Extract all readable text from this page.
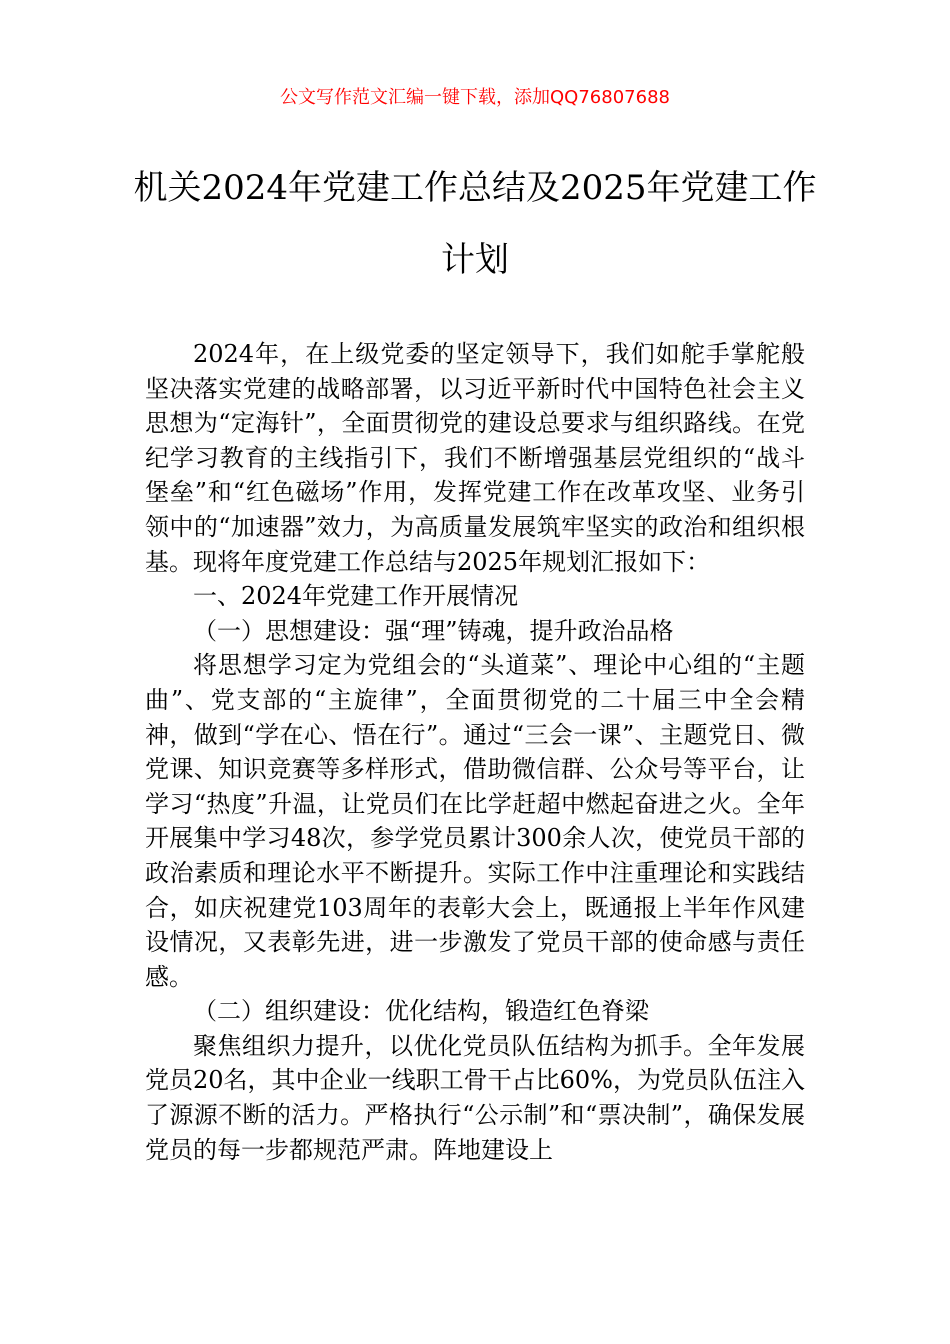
公文写作范文汇编一键下载，添加QQ76807688
机关2024年党建工作总结及2025年党建工作计划

2024年，在上级党委的坚定领导下，我们如舵手掌舵般坚决落实党建的战略部署，以习近平新时代中国特色社会主义思想为“定海针”，全面贯彻党的建设总要求与组织路线。在党纪学习教育的主线指引下，我们不断增强基层党组织的“战斗堡垒”和“红色磁场”作用，发挥党建工作在改革攻坚、业务引领中的“加速器”效力，为高质量发展筑牢坚实的政治和组织根基。现将年度党建工作总结与2025年规划汇报如下：

一、2024年党建工作开展情况

（一）思想建设：强“理”铸魂，提升政治品格

将思想学习定为党组会的“头道菜”、理论中心组的“主题曲”、党支部的“主旋律”，全面贯彻党的二十届三中全会精神，做到“学在心、悟在行”。通过“三会一课”、主题党日、微党课、知识竞赛等多样形式，借助微信群、公众号等平台，让学习“热度”升温，让党员们在比学赶超中燃起奋进之火。全年开展集中学习48次，参学党员累计300余人次，使党员干部的政治素质和理论水平不断提升。实际工作中注重理论和实践结合，如庆祝建党103周年的表彰大会上，既通报上半年作风建设情况，又表彰先进，进一步激发了党员干部的使命感与责任感。

（二）组织建设：优化结构，锻造红色脊梁

聚焦组织力提升，以优化党员队伍结构为抓手。全年发展党员20名，其中企业一线职工骨干占比60%，为党员队伍注入了源源不断的活力。严格执行“公示制”和“票决制”，确保发展党员的每一步都规范严肃。阵地建设上
